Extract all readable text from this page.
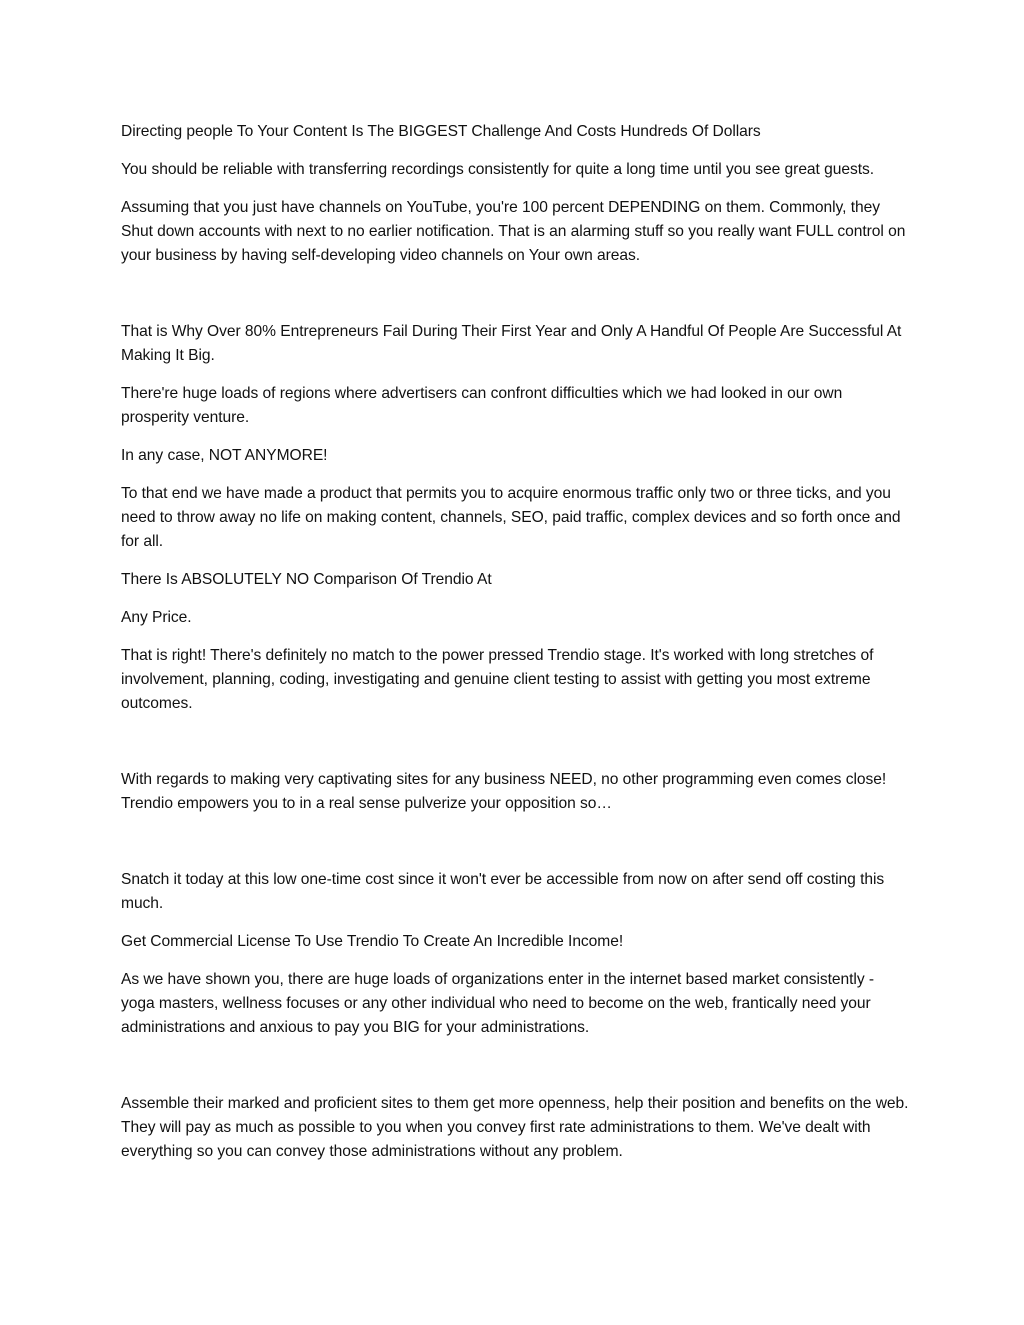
Directing people To Your Content Is The BIGGEST Challenge And Costs Hundreds Of Dollars

You should be reliable with transferring recordings consistently for quite a long time until you see great guests.

Assuming that you just have channels on YouTube, you're 100 percent DEPENDING on them. Commonly, they Shut down accounts with next to no earlier notification. That is an alarming stuff so you really want FULL control on your business by having self-developing video channels on Your own areas.

That is Why Over 80% Entrepreneurs Fail During Their First Year and Only A Handful Of People Are Successful At Making It Big.

There're huge loads of regions where advertisers can confront difficulties which we had looked in our own prosperity venture.

In any case, NOT ANYMORE!

To that end we have made a product that permits you to acquire enormous traffic only two or three ticks, and you need to throw away no life on making content, channels, SEO, paid traffic, complex devices and so forth once and for all.

There Is ABSOLUTELY NO Comparison Of Trendio At

Any Price.

That is right! There's definitely no match to the power pressed Trendio stage. It's worked with long stretches of involvement, planning, coding, investigating and genuine client testing to assist with getting you most extreme outcomes.

With regards to making very captivating sites for any business NEED, no other programming even comes close! Trendio empowers you to in a real sense pulverize your opposition so…

Snatch it today at this low one-time cost since it won't ever be accessible from now on after send off costing this much.

Get Commercial License To Use Trendio To Create An Incredible Income!

As we have shown you, there are huge loads of organizations enter in the internet based market consistently - yoga masters, wellness focuses or any other individual who need to become on the web, frantically need your administrations and anxious to pay you BIG for your administrations.

Assemble their marked and proficient sites to them get more openness, help their position and benefits on the web. They will pay as much as possible to you when you convey first rate administrations to them. We've dealt with everything so you can convey those administrations without any problem.
